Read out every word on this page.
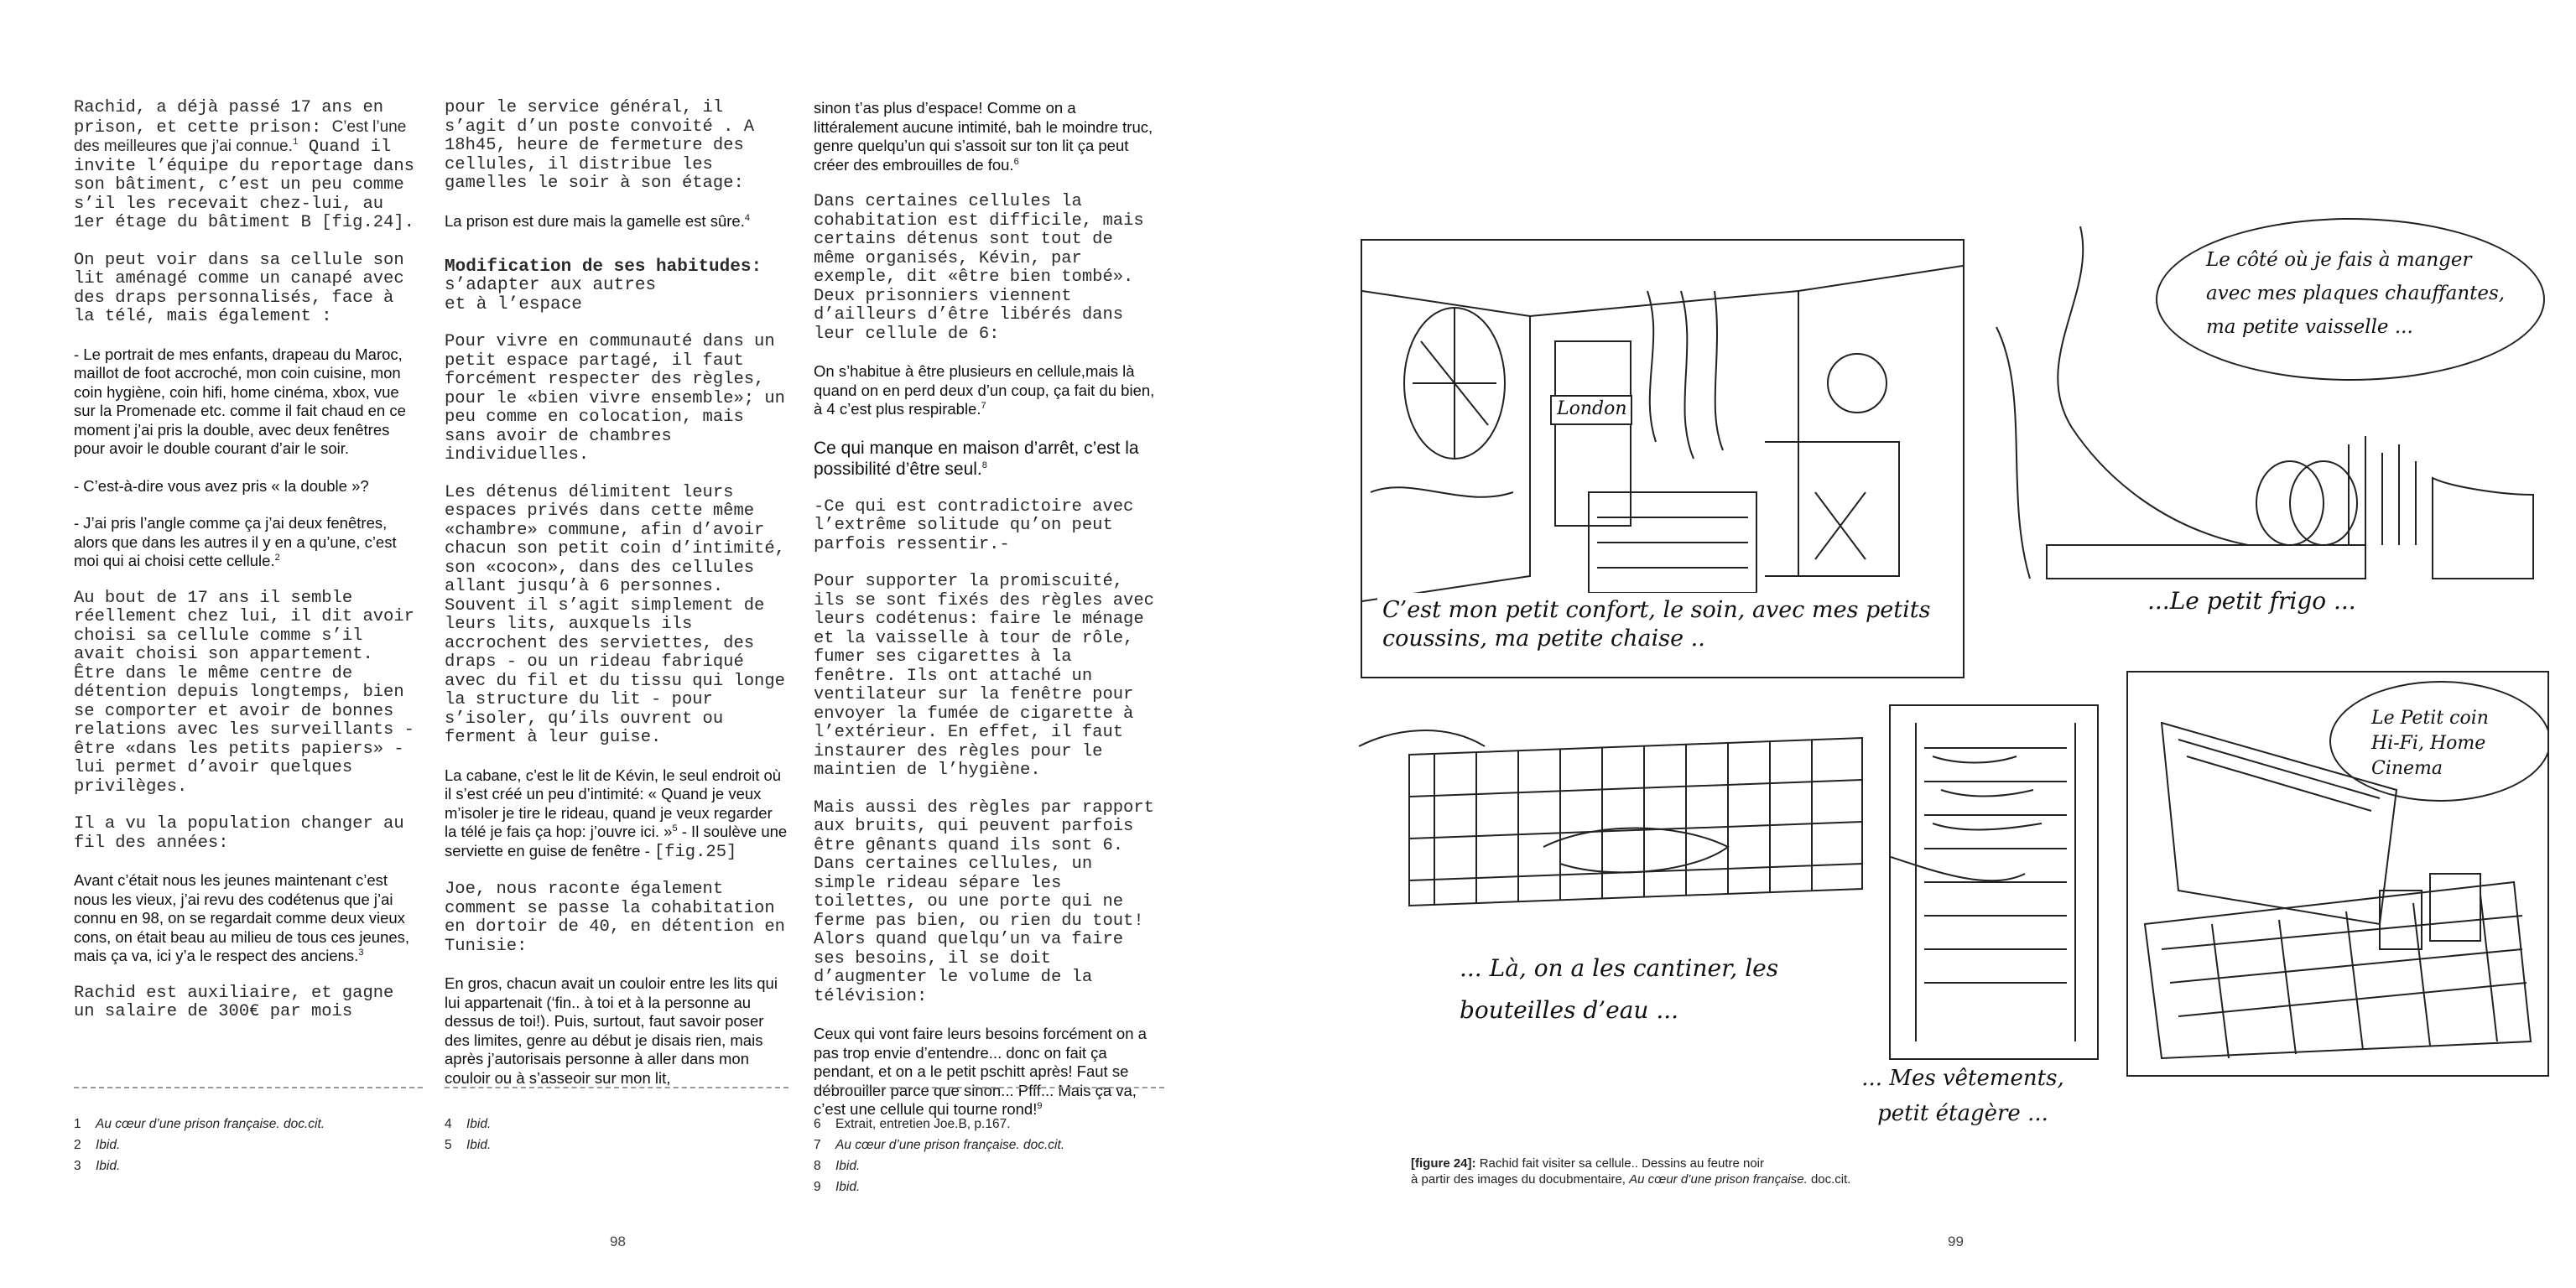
Rachid, a déjà passé 17 ans en prison, et cette prison: C’est l’une des meilleures que j’ai connue.$^1$ Quand il invite l’équipe du reportage dans son bâtiment, c’est un peu comme s’il les recevait chez-lui, au 1er étage du bâtiment B [fig.24].

On peut voir dans sa cellule son lit aménagé comme un canapé avec des draps personnalisés, face à la télé, mais également :

- Le portrait de mes enfants, drapeau du Maroc, maillot de foot accroché, mon coin cuisine, mon coin hygiène, coin hifi, home cinéma, xbox, vue sur la Promenade etc. comme il fait chaud en ce moment j’ai pris la double, avec deux fenêtres pour avoir le double courant d’air le soir.

- C’est-à-dire vous avez pris « la double »?

- J’ai pris l’angle comme ça j’ai deux fenêtres, alors que dans les autres il y en a qu’une, c’est moi qui ai choisi cette cellule.$^2$

Au bout de 17 ans il semble réellement chez lui, il dit avoir choisi sa cellule comme s’il avait choisi son appartement. Être dans le même centre de détention depuis longtemps, bien se comporter et avoir de bonnes relations avec les surveillants - être «dans les petits papiers» - lui permet d’avoir quelques privilèges.

Il a vu la population changer au fil des années:

Avant c’était nous les jeunes maintenant c’est nous les vieux, j’ai revu des codétenus que j’ai connu en 98, on se regardait comme deux vieux cons, on était beau au milieu de tous ces jeunes, mais ça va, ici y’a le respect des anciens.$^3$

Rachid est auxiliaire, et gagne un salaire de 300€ par mois

pour le service général, il s’agit d’un poste convoité . A 18h45, heure de fermeture des cellules, il distribue les gamelles le soir à son étage:

La prison est dure mais la gamelle est sûre.$^4$

Modification de ses habitudes:

s’adapter aux autres et à l’espace

Pour vivre en communauté dans un petit espace partagé, il faut forcément respecter des règles, pour le «bien vivre ensemble»; un peu comme en colocation, mais sans avoir de chambres individuelles.

Les détenus délimitent leurs espaces privés dans cette même «chambre» commune, afin d’avoir chacun son petit coin d’intimité, son «cocon», dans des cellules allant jusqu’à 6 personnes. Souvent il s’agit simplement de leurs lits, auxquels ils accrochent des serviettes, des draps - ou un rideau fabriqué avec du fil et du tissu qui longe la structure du lit - pour s’isoler, qu’ils ouvrent ou ferment à leur guise.

La cabane, c’est le lit de Kévin, le seul endroit où il s’est créé un peu d’intimité: « Quand je veux m’isoler je tire le rideau, quand je veux regarder la télé je fais ça hop: j’ouvre ici. »$^5$ - Il soulève une serviette en guise de fenêtre - [fig.25]

Joe, nous raconte également comment se passe la cohabitation en dortoir de 40, en détention en Tunisie:

En gros, chacun avait un couloir entre les lits qui lui appartenait (‘fin.. à toi et à la personne au dessus de toi!). Puis, surtout, faut savoir poser des limites, genre au début je disais rien, mais après j’autorisais personne à aller dans mon couloir ou à s’asseoir sur mon lit,

sinon t’as plus d’espace! Comme on a littéralement aucune intimité, bah le moindre truc, genre quelqu’un qui s’assoit sur ton lit ça peut créer des embrouilles de fou.$^6$

Dans certaines cellules la cohabitation est difficile, mais certains détenus sont tout de même organisés, Kévin, par exemple, dit «être bien tombé». Deux prisonniers viennent d’ailleurs d’être libérés dans leur cellule de 6:

On s’habitue à être plusieurs en cellule,mais là quand on en perd deux d’un coup, ça fait du bien, à 4 c’est plus respirable.$^7$

Ce qui manque en maison d’arrêt, c’est la possibilité d’être seul.$^8$

-Ce qui est contradictoire avec l’extrême solitude qu’on peut parfois ressentir.-

Pour supporter la promiscuité, ils se sont fixés des règles avec leurs codétenus: faire le ménage et la vaisselle à tour de rôle, fumer ses cigarettes à la fenêtre. Ils ont attaché un ventilateur sur la fenêtre pour envoyer la fumée de cigarette à l’extérieur. En effet, il faut instaurer des règles pour le maintien de l’hygiène.

Mais aussi des règles par rapport aux bruits, qui peuvent parfois être gênants quand ils sont 6. Dans certaines cellules, un simple rideau sépare les toilettes, ou une porte qui ne ferme pas bien, ou rien du tout! Alors quand quelqu’un va faire ses besoins, il se doit d’augmenter le volume de la télévision:

Ceux qui vont faire leurs besoins forcément on a pas trop envie d’entendre... donc on fait ça pendant, et on a le petit pschitt après! Faut se débrouiller parce que sinon... Pfff... Mais ça va, c’est une cellule qui tourne rond!$^9$

1	Au cœur d’une prison française. doc.cit.
2	Ibid.
3	Ibid.
4	Ibid.
5	Ibid.
6	Extrait, entretien Joe.B, p.167.
7	Au cœur d’une prison française. doc.cit.
8	Ibid.
9	Ibid.
98
London
C’est mon petit confort, le soin, avec mes petits coussins, ma petite chaise ..
Le côté où je fais à manger avec mes plaques chauffantes, ma petite vaisselle ...
...Le petit frigo ...
... Là, on a les cantiner, les bouteilles d’eau ...
... Mes vêtements, petit étagère ...
Le Petit coin Hi-Fi, Home Cinema
[figure 24]: Rachid fait visiter sa cellule.. Dessins au feutre noir
à partir des images du docubmentaire, Au cœur d’une prison française. doc.cit.
99
